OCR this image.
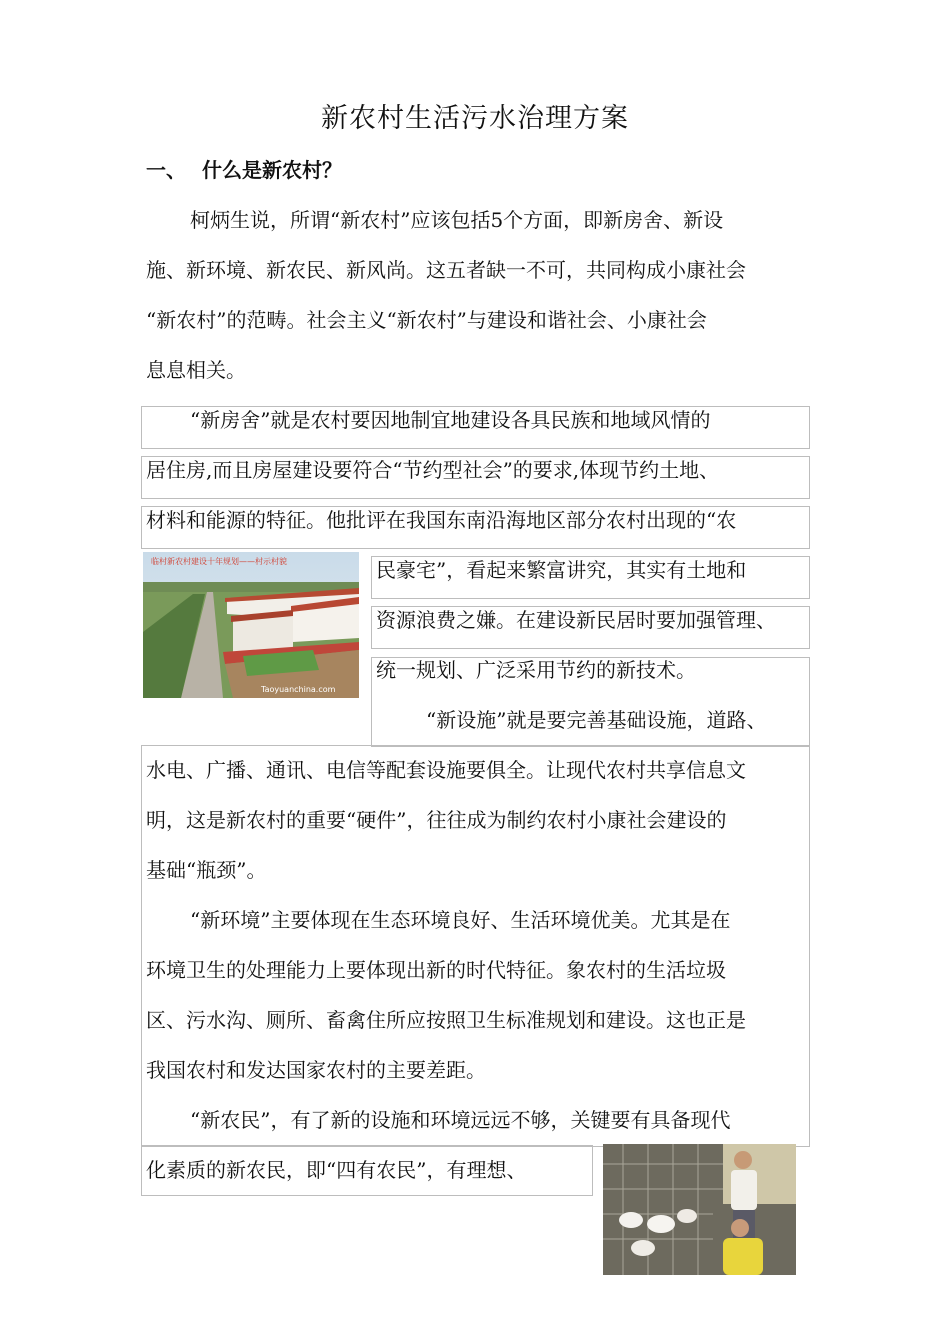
新农村生活污水治理方案
一、 什么是新农村？
柯炳生说，所谓“新农村”应该包括5个方面，即新房舍、新设
施、新环境、新农民、新风尚。这五者缺一不可，共同构成小康社会
“新农村”的范畴。社会主义“新农村”与建设和谐社会、小康社会
息息相关。
“新房舍”就是农村要因地制宜地建设各具民族和地域风情的
居住房,而且房屋建设要符合“节约型社会”的要求,体现节约土地、
材料和能源的特征。他批评在我国东南沿海地区部分农村出现的“农
民豪宅”，看起来繁富讲究，其实有土地和
资源浪费之嫌。在建设新民居时要加强管理、
统一规划、广泛采用节约的新技术。
临村新农村建设十年规划——村示村貌
Taoyuanchina.com
“新设施”就是要完善基础设施，道路、
水电、广播、通讯、电信等配套设施要俱全。让现代农村共享信息文
明，这是新农村的重要“硬件”，往往成为制约农村小康社会建设的
基础“瓶颈”。
“新环境”主要体现在生态环境良好、生活环境优美。尤其是在
环境卫生的处理能力上要体现出新的时代特征。象农村的生活垃圾
区、污水沟、厕所、畜禽住所应按照卫生标准规划和建设。这也正是
我国农村和发达国家农村的主要差距。
“新农民”，有了新的设施和环境远远不够，关键要有具备现代
化素质的新农民，即“四有农民”，有理想、
